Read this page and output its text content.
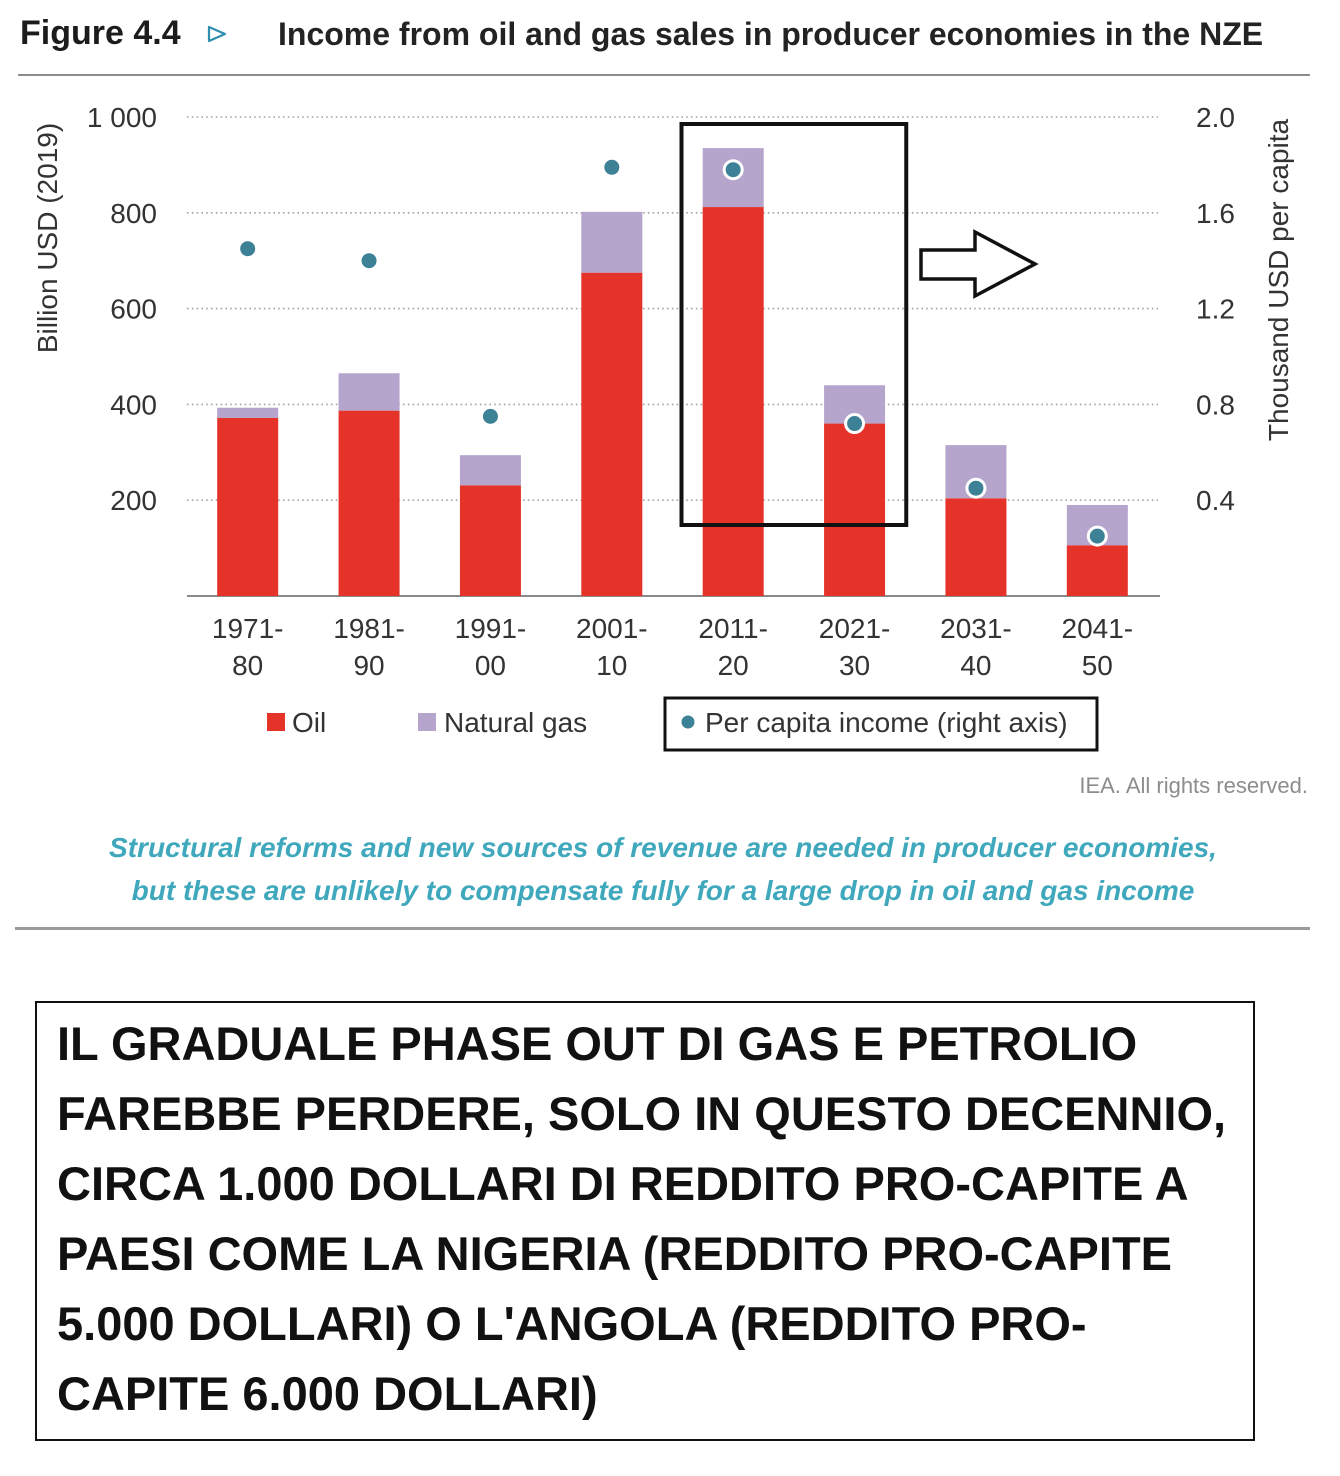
Figure 4.4	Income from oil and gas sales in producer economies in the NZE
Billion USD (2019)	Thousand USD per capita
200
400
600
800
1 000
0.4
0.8
1.2
1.6
2.0
1971-80
1981-90
1991-00
2001-10
2011-20
2021-30
2031-40
2041-50
Oil	Natural gas	Per capita income (right axis)
IEA. All rights reserved.
Structural reforms and new sources of revenue are needed in producer economies,
but these are unlikely to compensate fully for a large drop in oil and gas income
IL GRADUALE PHASE OUT DI GAS E PETROLIO
FAREBBE PERDERE, SOLO IN QUESTO DECENNIO,
CIRCA 1.000 DOLLARI DI REDDITO PRO-CAPITE A
PAESI COME LA NIGERIA (REDDITO PRO-CAPITE
5.000 DOLLARI) O L'ANGOLA (REDDITO PRO-
CAPITE 6.000 DOLLARI)
